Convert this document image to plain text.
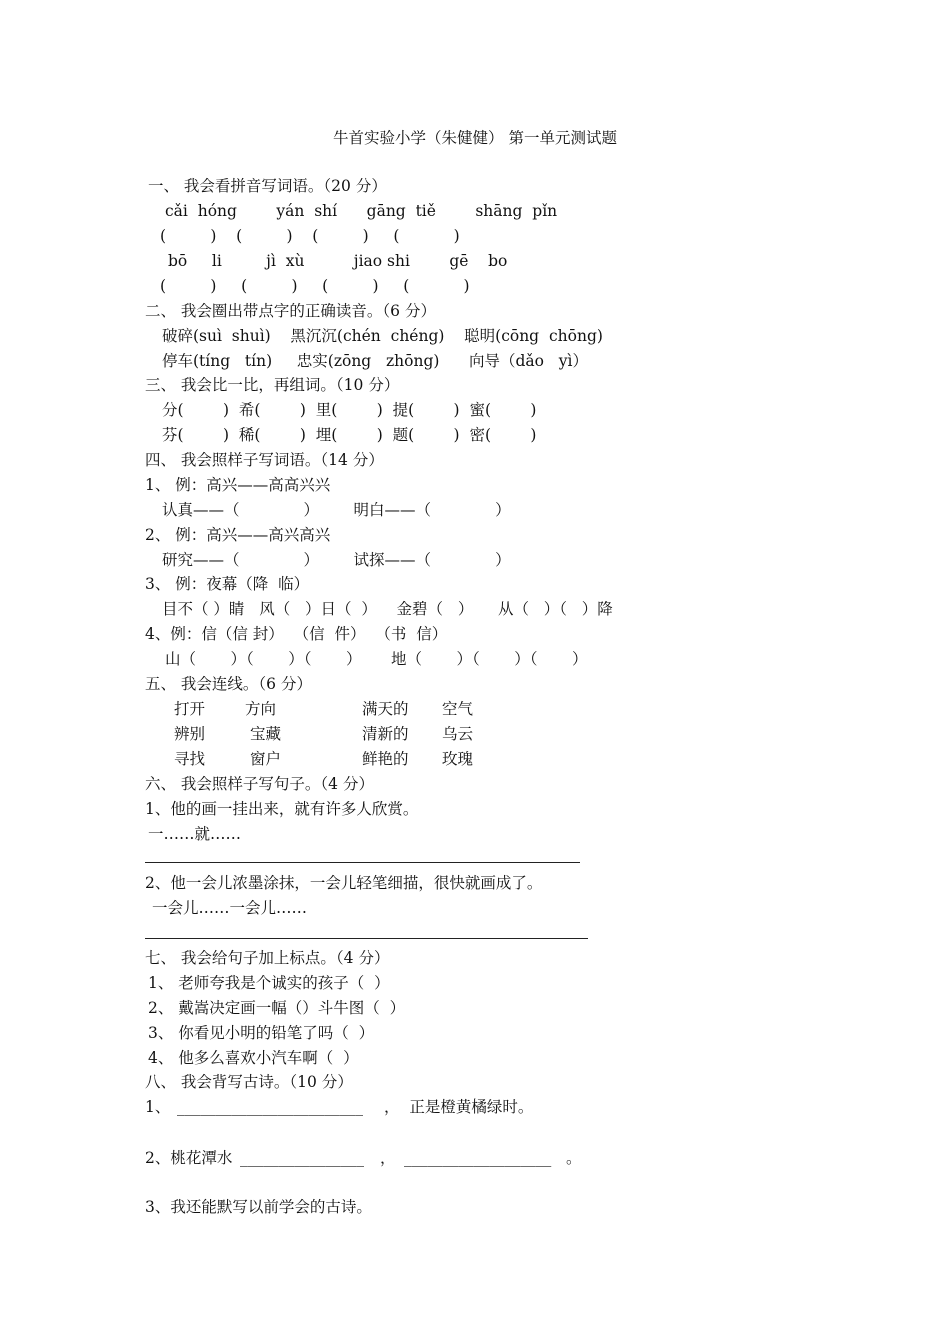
牛首实验小学（朱健健） 第一单元测试题
一、 我会看拼音写词语。（20 分）
cǎi  hóng        yán  shí      gāng  tiě        shāng  pǐn
(         )    (         )    (         )     (           )
bō     li         jì  xù          jiao shi        gē    bo
(         )     (         )     (         )     (           )
二、 我会圈出带点字的正确读音。（6 分）
破碎(suì  shuì)    黑沉沉(chén  chéng)    聪明(cōng  chōng)
停车(tíng   tín)     忠实(zōng   zhōng)      向导（dǎo   yì）
三、 我会比一比，再组词。（10 分）
分(        )  希(        )  里(        )  提(        )  蜜(        )
芬(        )  稀(        )  埋(        )  题(        )  密(        )
四、 我会照样子写词语。（14 分）
1、 例：高兴——高高兴兴
认真——（             ）       明白——（             ）
2、 例：高兴——高兴高兴
研究——（             ）       试探——（             ）
3、 例：夜幕（降  临）
目不（ ）睛   风（   ）日（  ）    金碧（   ）     从（   ）（   ）降
4、例：信（信 封）  （信  件）  （书  信）
山（       ）（       ）（       ）      地（       ）（       ）（       ）
五、 我会连线。（6 分）
打开	方向	满天的 空气
辨别	宝藏	清新的 乌云
寻找	窗户	鲜艳的 玫瑰
六、 我会照样子写句子。（4 分）
1、他的画一挂出来，就有许多人欣赏。
一……就……
2、他一会儿浓墨涂抹，一会儿轻笔细描，很快就画成了。
一会儿……一会儿……
七、 我会给句子加上标点。（4 分）
1、 老师夸我是个诚实的孩子（  ）
2、 戴嵩决定画一幅（）斗牛图（  ）
3、 你看见小明的铅笔了吗（  ）
4、 他多么喜欢小汽车啊（  ）
八、 我会背写古诗。（10 分）
1、 ________________________ ，  正是橙黄橘绿时。
2、桃花潭水 ________________ ， ___________________ 。
3、我还能默写以前学会的古诗。
